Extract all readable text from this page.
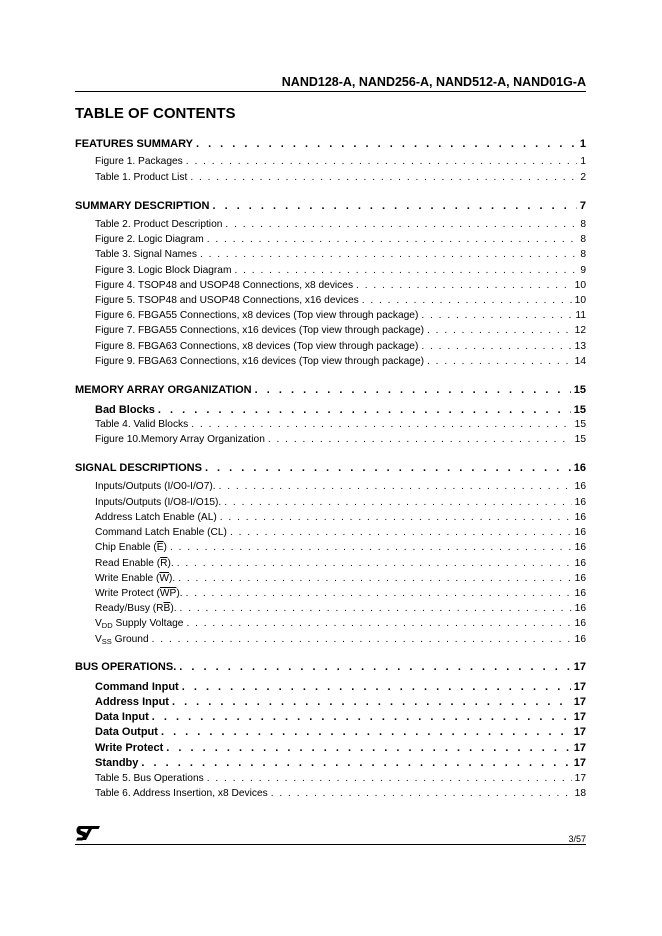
NAND128-A, NAND256-A, NAND512-A, NAND01G-A
TABLE OF CONTENTS
FEATURES SUMMARY . . .	1
Figure 1. Packages . . .	1
Table 1. Product List . . .	2
SUMMARY DESCRIPTION . . .	7
Table 2. Product Description . . .	8
Figure 2. Logic Diagram . . .	8
Table 3. Signal Names . . .	8
Figure 3. Logic Block Diagram . . .	9
Figure 4. TSOP48 and USOP48 Connections, x8 devices . . .	10
Figure 5. TSOP48 and USOP48 Connections, x16 devices . . .	10
Figure 6. FBGA55 Connections, x8 devices (Top view through package) . . .	11
Figure 7. FBGA55 Connections, x16 devices (Top view through package) . . .	12
Figure 8. FBGA63 Connections, x8 devices (Top view through package) . . .	13
Figure 9. FBGA63 Connections, x16 devices (Top view through package) . . .	14
MEMORY ARRAY ORGANIZATION . . .	15
Bad Blocks . . .	15
Table 4. Valid Blocks . . .	15
Figure 10.Memory Array Organization . . .	15
SIGNAL DESCRIPTIONS . . .	16
Inputs/Outputs (I/O0-I/O7). . . .	16
Inputs/Outputs (I/O8-I/O15). . . .	16
Address Latch Enable (AL) . . .	16
Command Latch Enable (CL) . . .	16
Chip Enable $(\overline{E})$ . . .	16
Read Enable $(\overline{R})$. . . .	16
Write Enable $(\overline{W})$. . . .	16
Write Protect $(\overline{WP})$. . . .	16
Ready/Busy $(R\overline{B})$. . . .	16
$V_{DD}$ Supply Voltage . . .	16
$V_{SS}$ Ground . . .	16
BUS OPERATIONS. . . .	17
Command Input . . .	17
Address Input . . .	17
Data Input . . .	17
Data Output . . .	17
Write Protect . . .	17
Standby . . .	17
Table 5. Bus Operations . . .	17
Table 6. Address Insertion, x8 Devices . . .	18
3/57
